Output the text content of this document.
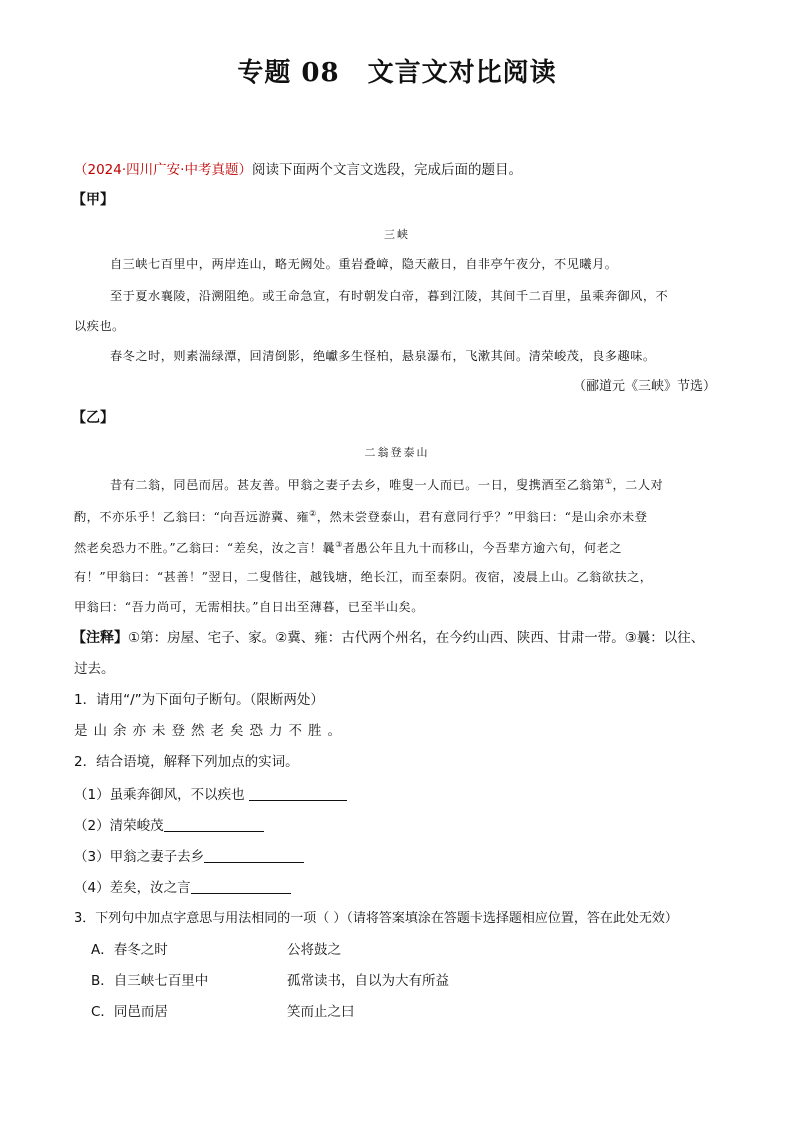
专题 08 文言文对比阅读
（2024·四川广安·中考真题）阅读下面两个文言文选段，完成后面的题目。
【甲】
三峡
自三峡七百里中，两岸连山，略无阙处。重岩叠嶂，隐天蔽日，自非亭午夜分，不见曦月。
至于夏水襄陵，沿溯阻绝。或王命急宣，有时朝发白帝，暮到江陵，其间千二百里，虽乘奔御风，不
以疾也。
春冬之时，则素湍绿潭，回清倒影，绝巘多生怪柏，悬泉瀑布，飞漱其间。清荣峻茂，良多趣味。
（郦道元《三峡》节选）
【乙】
二翁登泰山
昔有二翁，同邑而居。甚友善。甲翁之妻子去乡，唯叟一人而已。一日，叟携酒至乙翁第①，二人对
酌，不亦乐乎！乙翁曰：“向吾远游冀、雍②，然未尝登泰山，君有意同行乎？”甲翁曰：“是山余亦未登
然老矣恐力不胜。”乙翁曰：“差矣，汝之言！曩③者愚公年且九十而移山，今吾辈方逾六旬，何老之
有！”甲翁曰：“甚善！”翌日，二叟偕往，越钱塘，绝长江，而至泰阴。夜宿，凌晨上山。乙翁欲扶之，
甲翁曰：“吾力尚可，无需相扶。”自日出至薄暮，已至半山矣。
【注释】①第：房屋、宅子、家。②冀、雍：古代两个州名，在今约山西、陕西、甘肃一带。③曩：以往、
过去。
1．请用“/”为下面句子断句。（限断两处）
是山余亦未登然老矣恐力不胜。
2．结合语境，解释下列加点的实词。
（1）虽乘奔御风，不以疾也
（2）清荣峻茂
（3）甲翁之妻子去乡
（4）差矣，汝之言
3．下列句中加点字意思与用法相同的一项（ ）（请将答案填涂在答题卡选择题相应位置，答在此处无效）
A．春冬之时	公将鼓之
B．自三峡七百里中	孤常读书，自以为大有所益
C．同邑而居	笑而止之曰
